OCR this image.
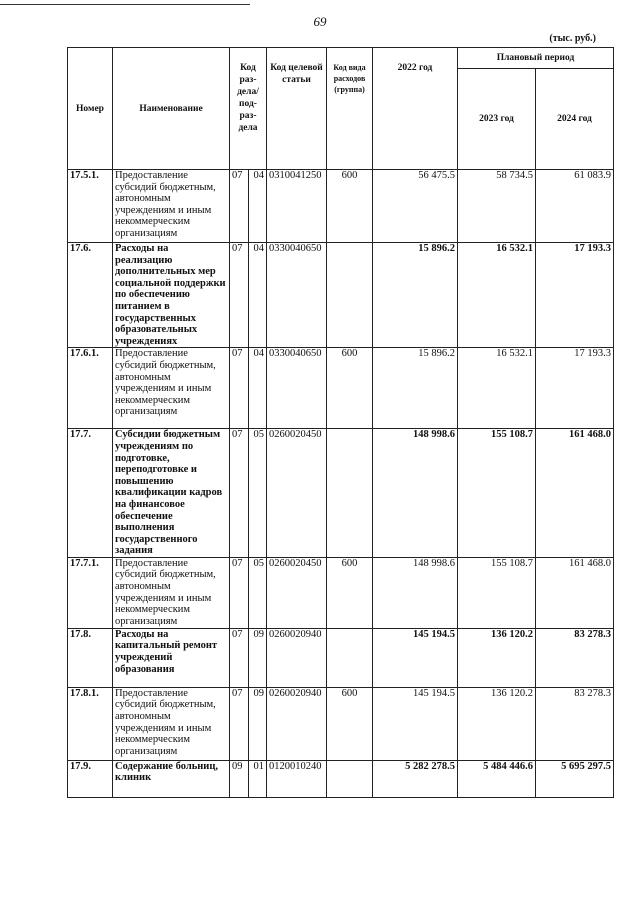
69
(тыс. руб.)
Номер	Наименование	Код раз-дела/ под-раз-дела		Код целевой статьи	Код вида расходов (группа)	2022 год	Плановый период	
							2023 год	2024 год
17.5.1.	Предоставление субсидий бюджетным, автономным учреждениям и иным некоммерческим организациям	07	04	0310041250	600	56 475.5	58 734.5	61 083.9
17.6.	Расходы на реализацию дополнительных мер социальной поддержки по обеспечению питанием в государственных образовательных учреждениях	07	04	0330040650		15 896.2	16 532.1	17 193.3
17.6.1.	Предоставление субсидий бюджетным, автономным учреждениям и иным некоммерческим организациям	07	04	0330040650	600	15 896.2	16 532.1	17 193.3
17.7.	Субсидии бюджетным учреждениям по подготовке, переподготовке и повышению квалификации кадров на финансовое обеспечение выполнения государственного задания	07	05	0260020450		148 998.6	155 108.7	161 468.0
17.7.1.	Предоставление субсидий бюджетным, автономным учреждениям и иным некоммерческим организациям	07	05	0260020450	600	148 998.6	155 108.7	161 468.0
17.8.	Расходы на капитальный ремонт учреждений образования	07	09	0260020940		145 194.5	136 120.2	83 278.3
17.8.1.	Предоставление субсидий бюджетным, автономным учреждениям и иным некоммерческим организациям	07	09	0260020940	600	145 194.5	136 120.2	83 278.3
17.9.	Содержание больниц, клиник	09	01	0120010240		5 282 278.5	5 484 446.6	5 695 297.5
